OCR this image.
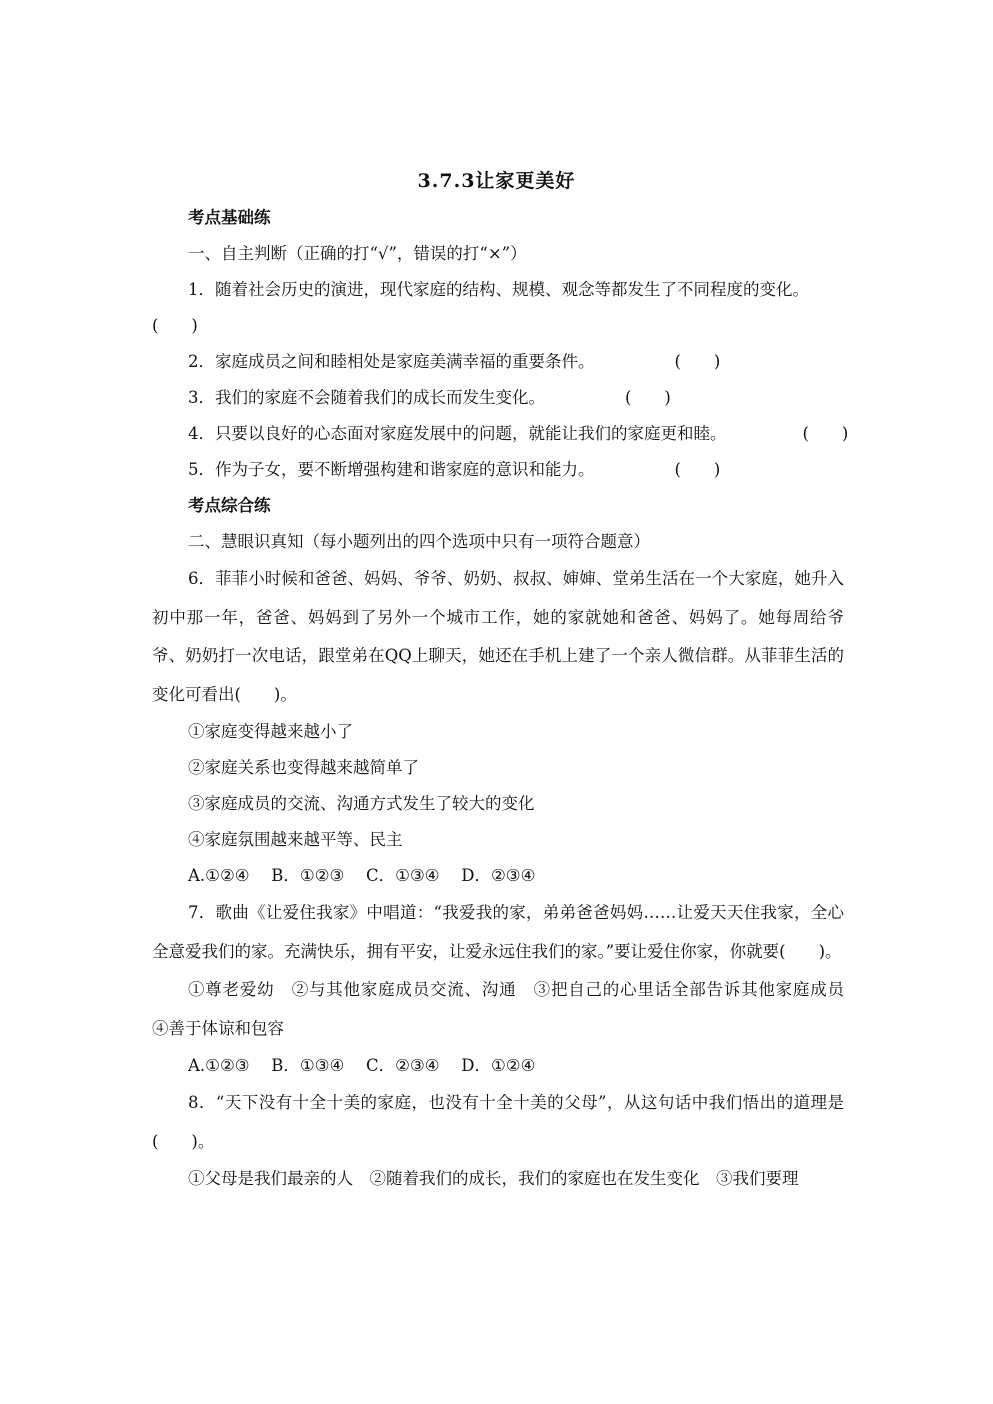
3.7.3让家更美好
考点基础练
一、自主判断（正确的打“√”，错误的打“×”）
1．随着社会历史的演进，现代家庭的结构、规模、观念等都发生了不同程度的变化。
(　　)
2．家庭成员之间和睦相处是家庭美满幸福的重要条件。	(　　)
3．我们的家庭不会随着我们的成长而发生变化。	(　　)
4．只要以良好的心态面对家庭发展中的问题，就能让我们的家庭更和睦。	(　　)
5．作为子女，要不断增强构建和谐家庭的意识和能力。	(　　)
考点综合练
二、慧眼识真知（每小题列出的四个选项中只有一项符合题意）
6．菲菲小时候和爸爸、妈妈、爷爷、奶奶、叔叔、婶婶、堂弟生活在一个大家庭，她升入初中那一年，爸爸、妈妈到了另外一个城市工作，她的家就她和爸爸、妈妈了。她每周给爷爷、奶奶打一次电话，跟堂弟在QQ上聊天，她还在手机上建了一个亲人微信群。从菲菲生活的变化可看出(　　)。
①家庭变得越来越小了
②家庭关系也变得越来越简单了
③家庭成员的交流、沟通方式发生了较大的变化
④家庭氛围越来越平等、民主
A.①②④　 B．①②③　 C．①③④　 D．②③④
7．歌曲《让爱住我家》中唱道：“我爱我的家，弟弟爸爸妈妈……让爱天天住我家，全心全意爱我们的家。充满快乐，拥有平安，让爱永远住我们的家。”要让爱住你家，你就要(　　)。
①尊老爱幼　②与其他家庭成员交流、沟通　③把自己的心里话全部告诉其他家庭成员　④善于体谅和包容
A.①②③　 B．①③④　 C．②③④　 D．①②④
8．“天下没有十全十美的家庭，也没有十全十美的父母”，从这句话中我们悟出的道理是(　　)。
①父母是我们最亲的人　②随着我们的成长，我们的家庭也在发生变化　③我们要理
